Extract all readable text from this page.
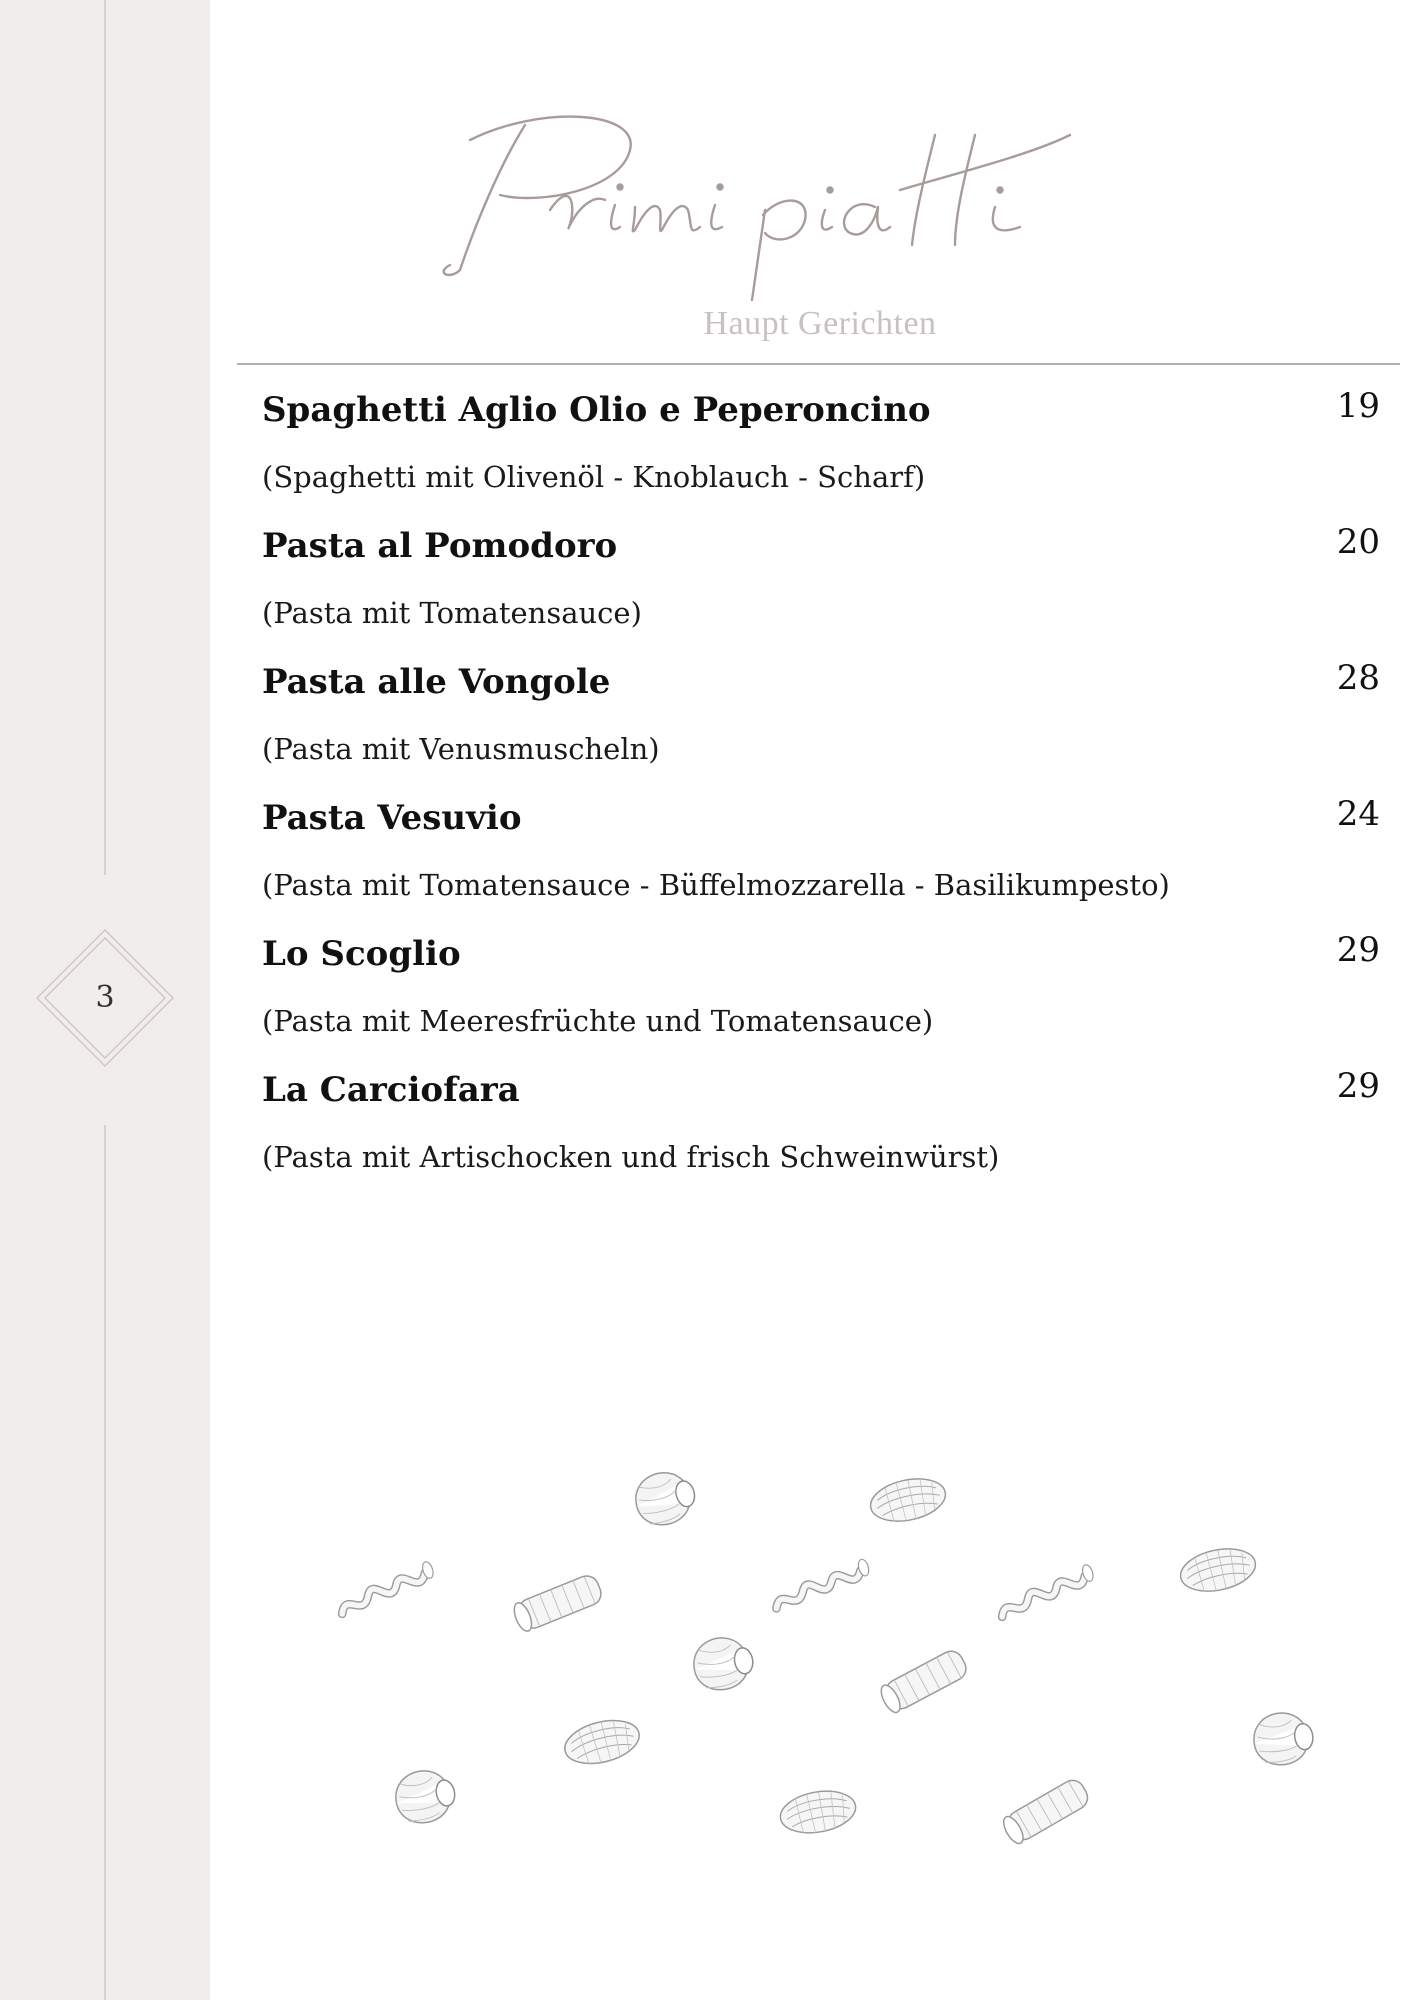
3
Haupt Gerichten
Spaghetti Aglio Olio e Peperoncino	19
(Spaghetti mit Olivenöl - Knoblauch - Scharf)
Pasta al Pomodoro	20
(Pasta mit Tomatensauce)
Pasta alle Vongole	28
(Pasta mit Venusmuscheln)
Pasta Vesuvio	24
(Pasta mit Tomatensauce - Büffelmozzarella - Basilikumpesto)
Lo Scoglio	29
(Pasta mit Meeresfrüchte und Tomatensauce)
La Carciofara	29
(Pasta mit Artischocken und frisch Schweinwürst)
